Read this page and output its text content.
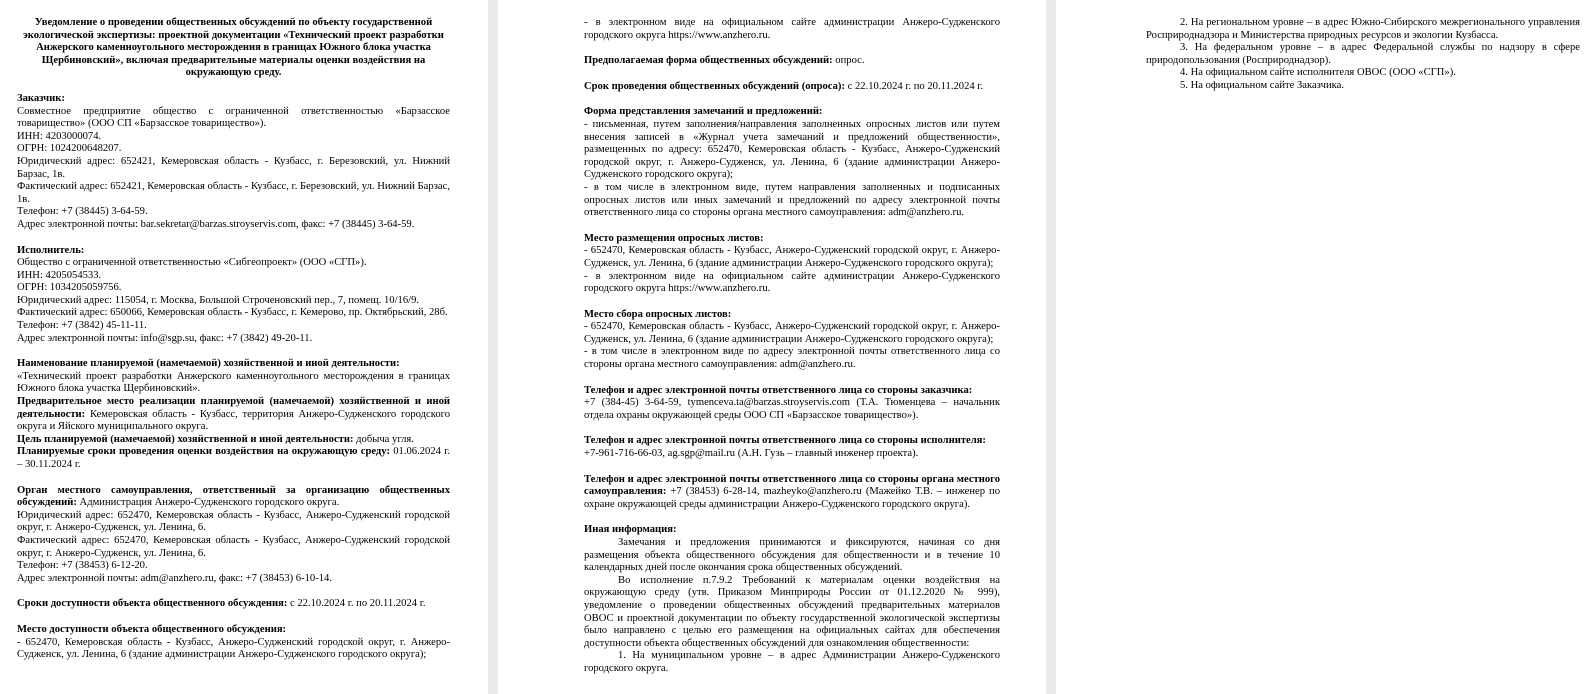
Уведомление о проведении общественных обсуждений по объекту государственной экологической экспертизы: проектной документации «Технический проект разработки Анжерского каменноугольного месторождения в границах Южного блока участка Щербиновский», включая предварительные материалы оценки воздействия на окружающую среду.

Заказчик:

Совместное предприятие общество с ограниченной ответственностью «Барзасское товарищество» (ООО СП «Барзасское товарищество»).

ИНН: 4203000074.

ОГРН: 1024200648207.

Юридический адрес: 652421, Кемеровская область - Кузбасс, г. Березовский, ул. Нижний Барзас, 1в.

Фактический адрес: 652421, Кемеровская область - Кузбасс, г. Березовский, ул. Нижний Барзас, 1в.

Телефон: +7 (38445) 3-64-59.

Адрес электронной почты: bar.sekretar@barzas.stroyservis.com, факс: +7 (38445) 3-64-59.

Исполнитель:

Общество с ограниченной ответственностью «Сибгеопроект» (ООО «СГП»).

ИНН: 4205054533.

ОГРН: 1034205059756.

Юридический адрес: 115054, г. Москва, Большой Строченовский пер., 7, помещ. 10/16/9.

Фактический адрес: 650066, Кемеровская область - Кузбасс, г. Кемерово, пр. Октябрьский, 28б.

Телефон: +7 (3842) 45-11-11.

Адрес электронной почты: info@sgp.su, факс: +7 (3842) 49-20-11.

Наименование планируемой (намечаемой) хозяйственной и иной деятельности:

«Технический проект разработки Анжерского каменноугольного месторождения в границах Южного блока участка Щербиновский».

Предварительное место реализации планируемой (намечаемой) хозяйственной и иной деятельности: Кемеровская область - Кузбасс, территория Анжеро-Судженского городского округа и Яйского муниципального округа.

Цель планируемой (намечаемой) хозяйственной и иной деятельности: добыча угля.

Планируемые сроки проведения оценки воздействия на окружающую среду: 01.06.2024 г. – 30.11.2024 г.

Орган местного самоуправления, ответственный за организацию общественных обсуждений: Администрация Анжеро-Судженского городского округа.

Юридический адрес: 652470, Кемеровская область - Кузбасс, Анжеро-Судженский городской округ, г. Анжеро-Судженск, ул. Ленина, 6.

Фактический адрес: 652470, Кемеровская область - Кузбасс, Анжеро-Судженский городской округ, г. Анжеро-Судженск, ул. Ленина, 6.

Телефон: +7 (38453) 6-12-20.

Адрес электронной почты: adm@anzhero.ru, факс: +7 (38453) 6-10-14.

Сроки доступности объекта общественного обсуждения: с 22.10.2024 г. по 20.11.2024 г.

Место доступности объекта общественного обсуждения:

- 652470, Кемеровская область - Кузбасс, Анжеро-Судженский городской округ, г. Анжеро-Судженск, ул. Ленина, 6 (здание администрации Анжеро-Судженского городского округа);

- в электронном виде на официальном сайте администрации Анжеро-Судженского городского округа https://www.anzhero.ru.

Предполагаемая форма общественных обсуждений: опрос.

Срок проведения общественных обсуждений (опроса): с 22.10.2024 г. по 20.11.2024 г.

Форма представления замечаний и предложений:

- письменная, путем заполнения/направления заполненных опросных листов или путем внесения записей в «Журнал учета замечаний и предложений общественности», размещенных по адресу: 652470, Кемеровская область - Кузбасс, Анжеро-Судженский городской округ, г. Анжеро-Судженск, ул. Ленина, 6 (здание администрации Анжеро-Судженского городского округа);

- в том числе в электронном виде, путем направления заполненных и подписанных опросных листов или иных замечаний и предложений по адресу электронной почты ответственного лица со стороны органа местного самоуправления: adm@anzhero.ru.

Место размещения опросных листов:

- 652470, Кемеровская область - Кузбасс, Анжеро-Судженский городской округ, г. Анжеро-Судженск, ул. Ленина, 6 (здание администрации Анжеро-Судженского городского округа);

- в электронном виде на официальном сайте администрации Анжеро-Судженского городского округа https://www.anzhero.ru.

Место сбора опросных листов:

- 652470, Кемеровская область - Кузбасс, Анжеро-Судженский городской округ, г. Анжеро-Судженск, ул. Ленина, 6 (здание администрации Анжеро-Судженского городского округа);

- в том числе в электронном виде по адресу электронной почты ответственного лица со стороны органа местного самоуправления: adm@anzhero.ru.

Телефон и адрес электронной почты ответственного лица со стороны заказчика:

+7 (384-45) 3-64-59, tymenceva.ta@barzas.stroyservis.com (Т.А. Тюменцева – начальник отдела охраны окружающей среды ООО СП «Барзасское товарищество»).

Телефон и адрес электронной почты ответственного лица со стороны исполнителя:

+7-961-716-66-03, ag.sgp@mail.ru (А.Н. Гузь – главный инженер проекта).

Телефон и адрес электронной почты ответственного лица со стороны органа местного самоуправления: +7 (38453) 6-28-14, mazheyko@anzhero.ru (Мажейко Т.В. – инженер по охране окружающей среды администрации Анжеро-Судженского городского округа).

Иная информация:

Замечания и предложения принимаются и фиксируются, начиная со дня размещения объекта общественного обсуждения для общественности и в течение 10 календарных дней после окончания срока общественных обсуждений.

Во исполнение п.7.9.2 Требований к материалам оценки воздействия на окружающую среду (утв. Приказом Минприроды России от 01.12.2020 № 999), уведомление о проведении общественных обсуждений предварительных материалов ОВОС и проектной документации по объекту государственной экологической экспертизы было направлено с целью его размещения на официальных сайтах для обеспечения доступности объекта общественных обсуждений для ознакомления общественности:

1. На муниципальном уровне – в адрес Администрации Анжеро-Судженского городского округа.

2. На региональном уровне – в адрес Южно-Сибирского межрегионального управления Росприроднадзора и Министерства природных ресурсов и экологии Кузбасса.

3. На федеральном уровне – в адрес Федеральной службы по надзору в сфере природопользования (Росприроднадзор).

4. На официальном сайте исполнителя ОВОС (ООО «СГП»).

5. На официальном сайте Заказчика.
